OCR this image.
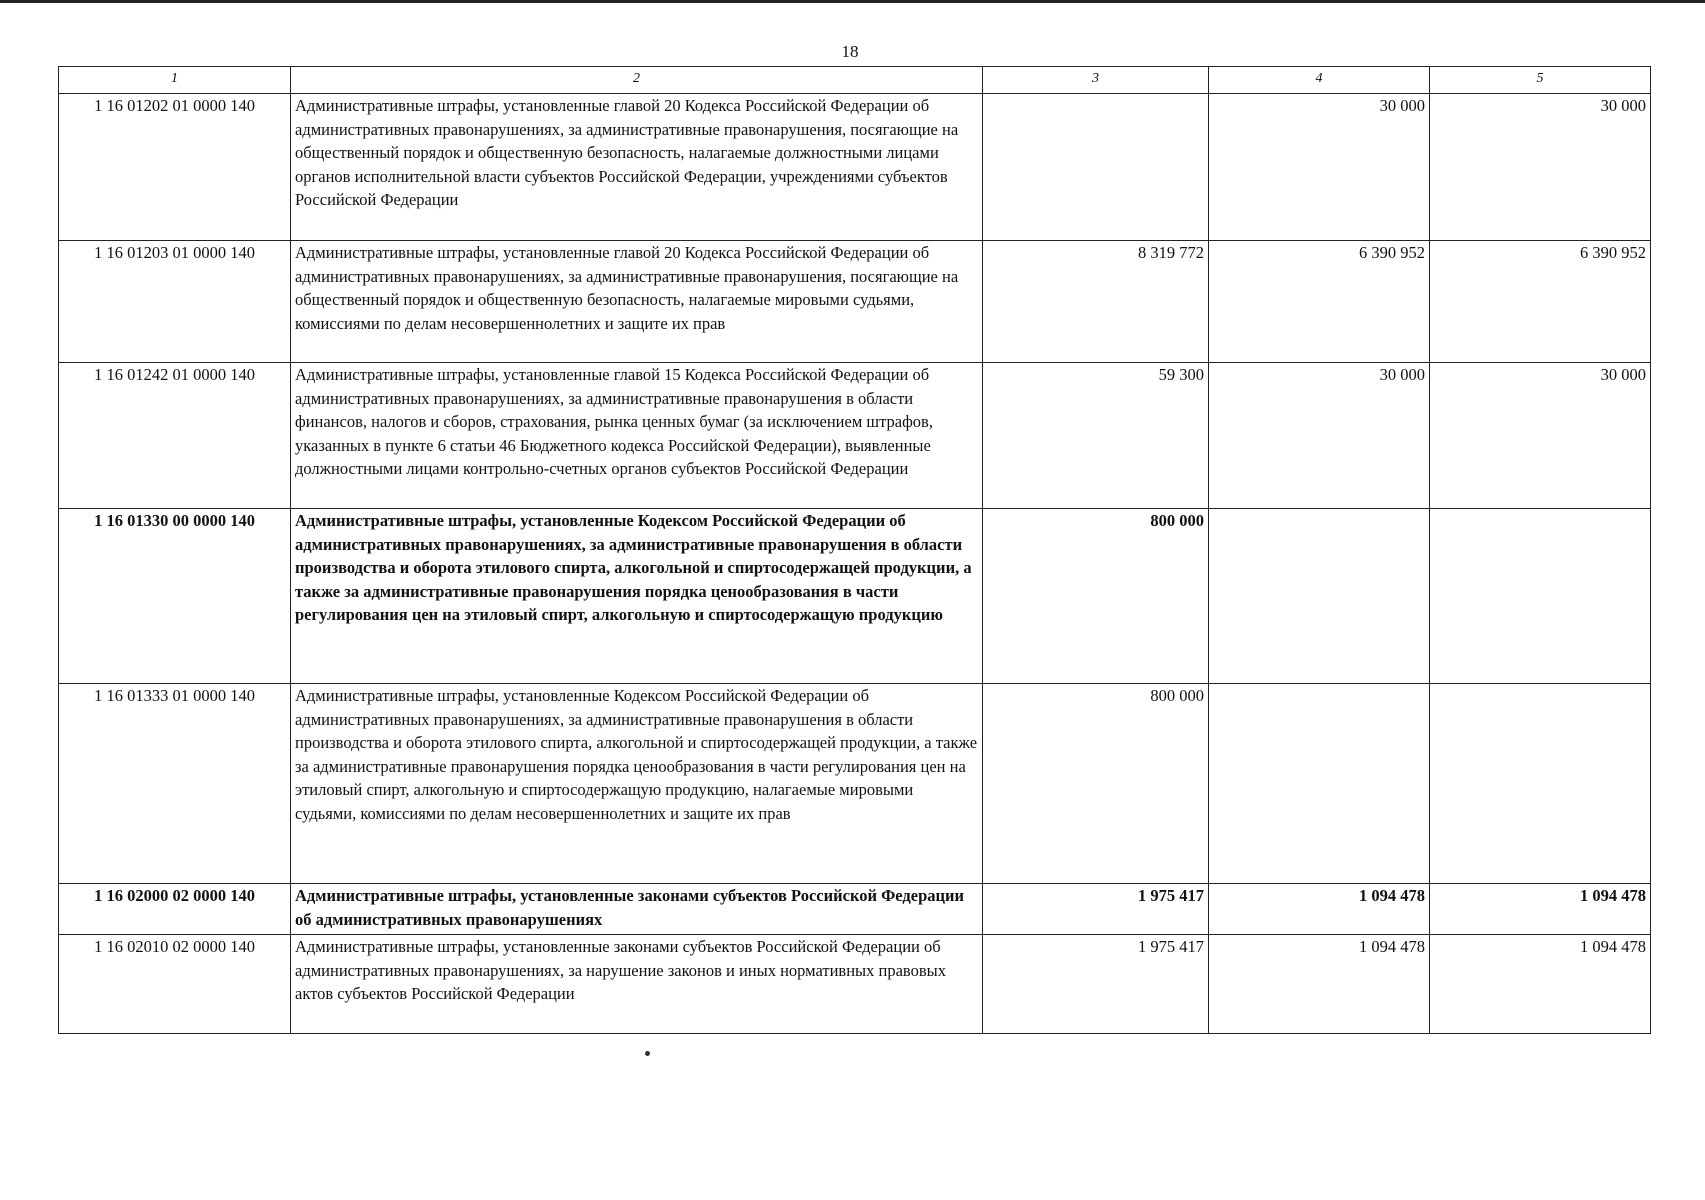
18
1	2	3	4	5
1 16 01202 01 0000 140	Административные штрафы, установленные главой 20 Кодекса Российской Федерации об административных правонарушениях, за административные правонарушения, посягающие на общественный порядок и общественную безопасность, налагаемые должностными лицами органов исполнительной власти субъектов Российской Федерации, учреждениями субъектов Российской Федерации		30 000	30 000
1 16 01203 01 0000 140	Административные штрафы, установленные главой 20 Кодекса Российской Федерации об административных правонарушениях, за административные правонарушения, посягающие на общественный порядок и общественную безопасность, налагаемые мировыми судьями, комиссиями по делам несовершеннолетних и защите их прав	8 319 772	6 390 952	6 390 952
1 16 01242 01 0000 140	Административные штрафы, установленные главой 15 Кодекса Российской Федерации об административных правонарушениях, за административные правонарушения в области финансов, налогов и сборов, страхования, рынка ценных бумаг (за исключением штрафов, указанных в пункте 6 статьи 46 Бюджетного кодекса Российской Федерации), выявленные должностными лицами контрольно-счетных органов субъектов Российской Федерации	59 300	30 000	30 000
1 16 01330 00 0000 140	Административные штрафы, установленные Кодексом Российской Федерации об административных правонарушениях, за административные правонарушения в области производства и оборота этилового спирта, алкогольной и спиртосодержащей продукции, а также за административные правонарушения порядка ценообразования в части регулирования цен на этиловый спирт, алкогольную и спиртосодержащую продукцию	800 000		
1 16 01333 01 0000 140	Административные штрафы, установленные Кодексом Российской Федерации об административных правонарушениях, за административные правонарушения в области производства и оборота этилового спирта, алкогольной и спиртосодержащей продукции, а также за административные правонарушения порядка ценообразования в части регулирования цен на этиловый спирт, алкогольную и спиртосодержащую продукцию, налагаемые мировыми судьями, комиссиями по делам несовершеннолетних и защите их прав	800 000		
1 16 02000 02 0000 140	Административные штрафы, установленные законами субъектов Российской Федерации об административных правонарушениях	1 975 417	1 094 478	1 094 478
1 16 02010 02 0000 140	Административные штрафы, установленные законами субъектов Российской Федерации об административных правонарушениях, за нарушение законов и иных нормативных правовых актов субъектов Российской Федерации	1 975 417	1 094 478	1 094 478
